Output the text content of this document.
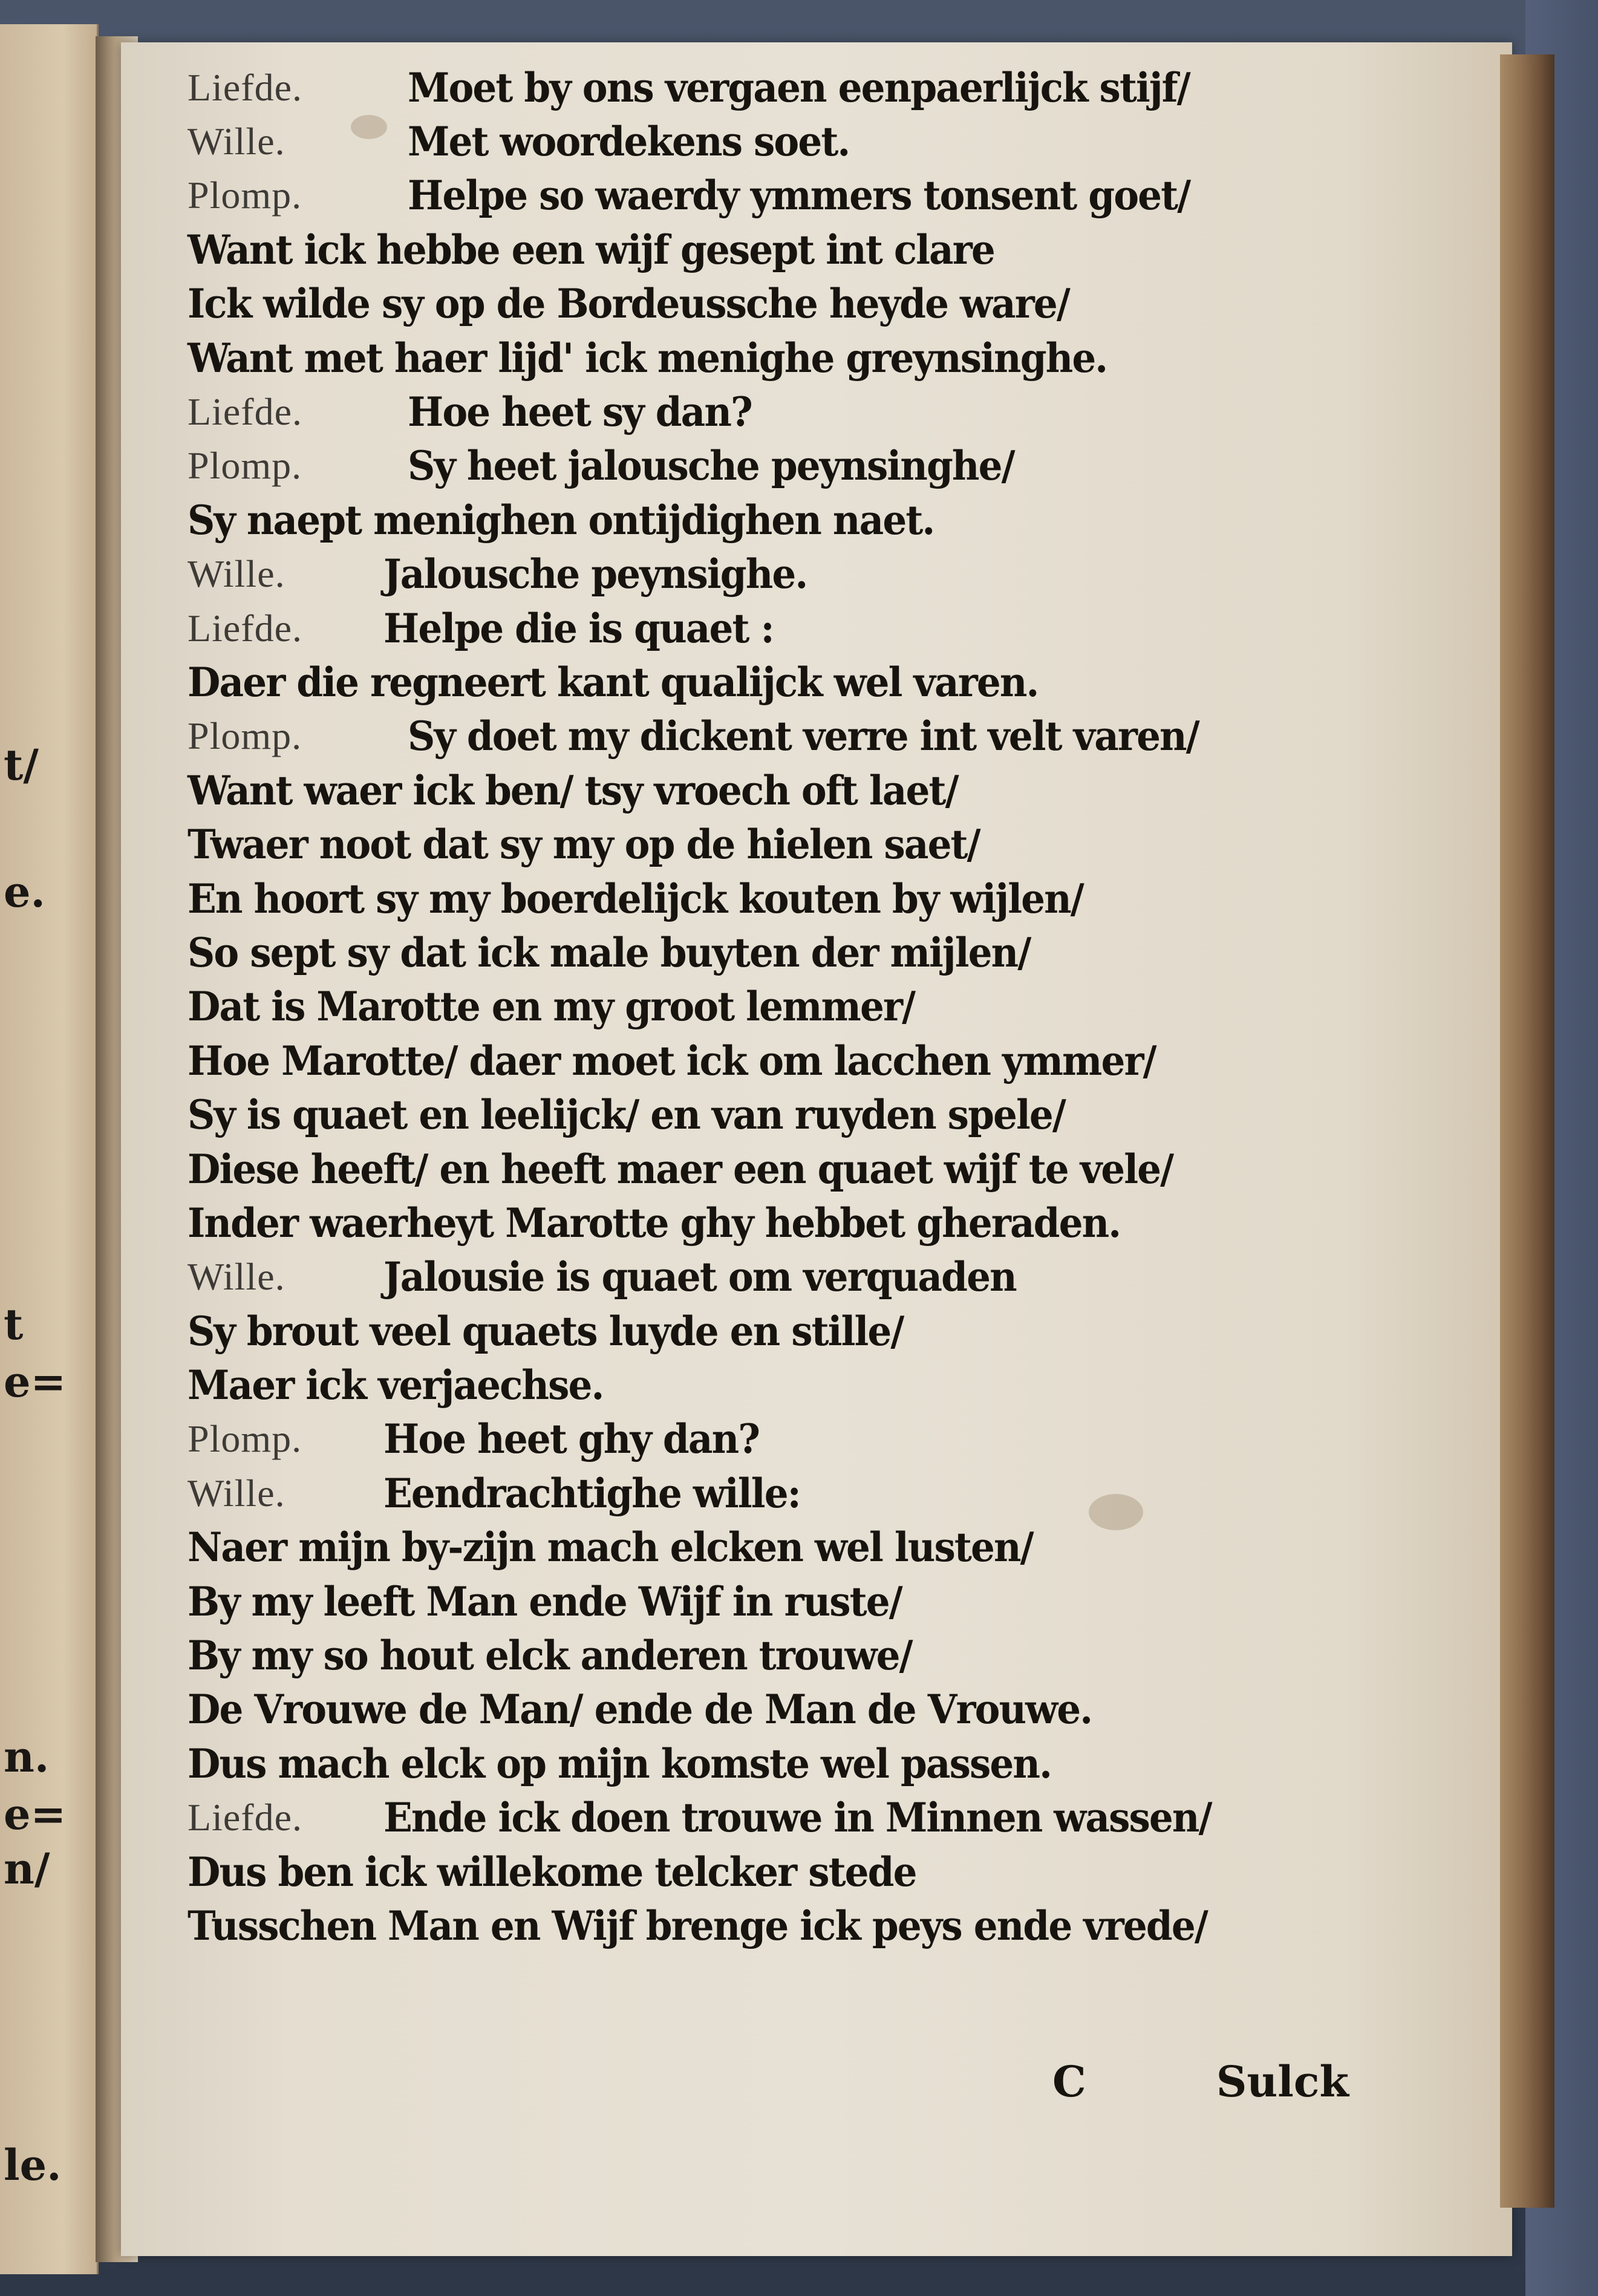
t/
e.
t
e=
n.
e=
n/
le.
Liefde.	Moet by ons vergaen eenpaerlijck stijf/
Wille.	Met woordekens soet.
Plomp.	Helpe so waerdy ymmers tonsent goet/
Want ick hebbe een wijf gesept int clare
Ick wilde sy op de Bordeussche heyde ware/
Want met haer lijd' ick menighe greynsinghe.
Liefde.	Hoe heet sy dan?
Plomp.	Sy heet jalousche peynsinghe/
Sy naept menighen ontijdighen naet.
Wille.	Jalousche peynsighe.
Liefde.	Helpe die is quaet :
Daer die regneert kant qualijck wel varen.
Plomp.	Sy doet my dickent verre int velt varen/
Want waer ick ben/ tsy vroech oft laet/
Twaer noot dat sy my op de hielen saet/
En hoort sy my boerdelijck kouten by wijlen/
So sept sy dat ick male buyten der mijlen/
Dat is Marotte en my groot lemmer/
Hoe Marotte/ daer moet ick om lacchen ymmer/
Sy is quaet en leelijck/ en van ruyden spele/
Diese heeft/ en heeft maer een quaet wijf te vele/
Inder waerheyt Marotte ghy hebbet gheraden.
Wille.	Jalousie is quaet om verquaden
Sy brout veel quaets luyde en stille/
Maer ick verjaechse.
Plomp.	Hoe heet ghy dan?
Wille.	Eendrachtighe wille:
Naer mijn by-zijn mach elcken wel lusten/
By my leeft Man ende Wijf in ruste/
By my so hout elck anderen trouwe/
De Vrouwe de Man/ ende de Man de Vrouwe.
Dus mach elck op mijn komste wel passen.
Liefde.	Ende ick doen trouwe in Minnen wassen/
Dus ben ick willekome telcker stede
Tusschen Man en Wijf brenge ick peys ende vrede/
C	Sulck
